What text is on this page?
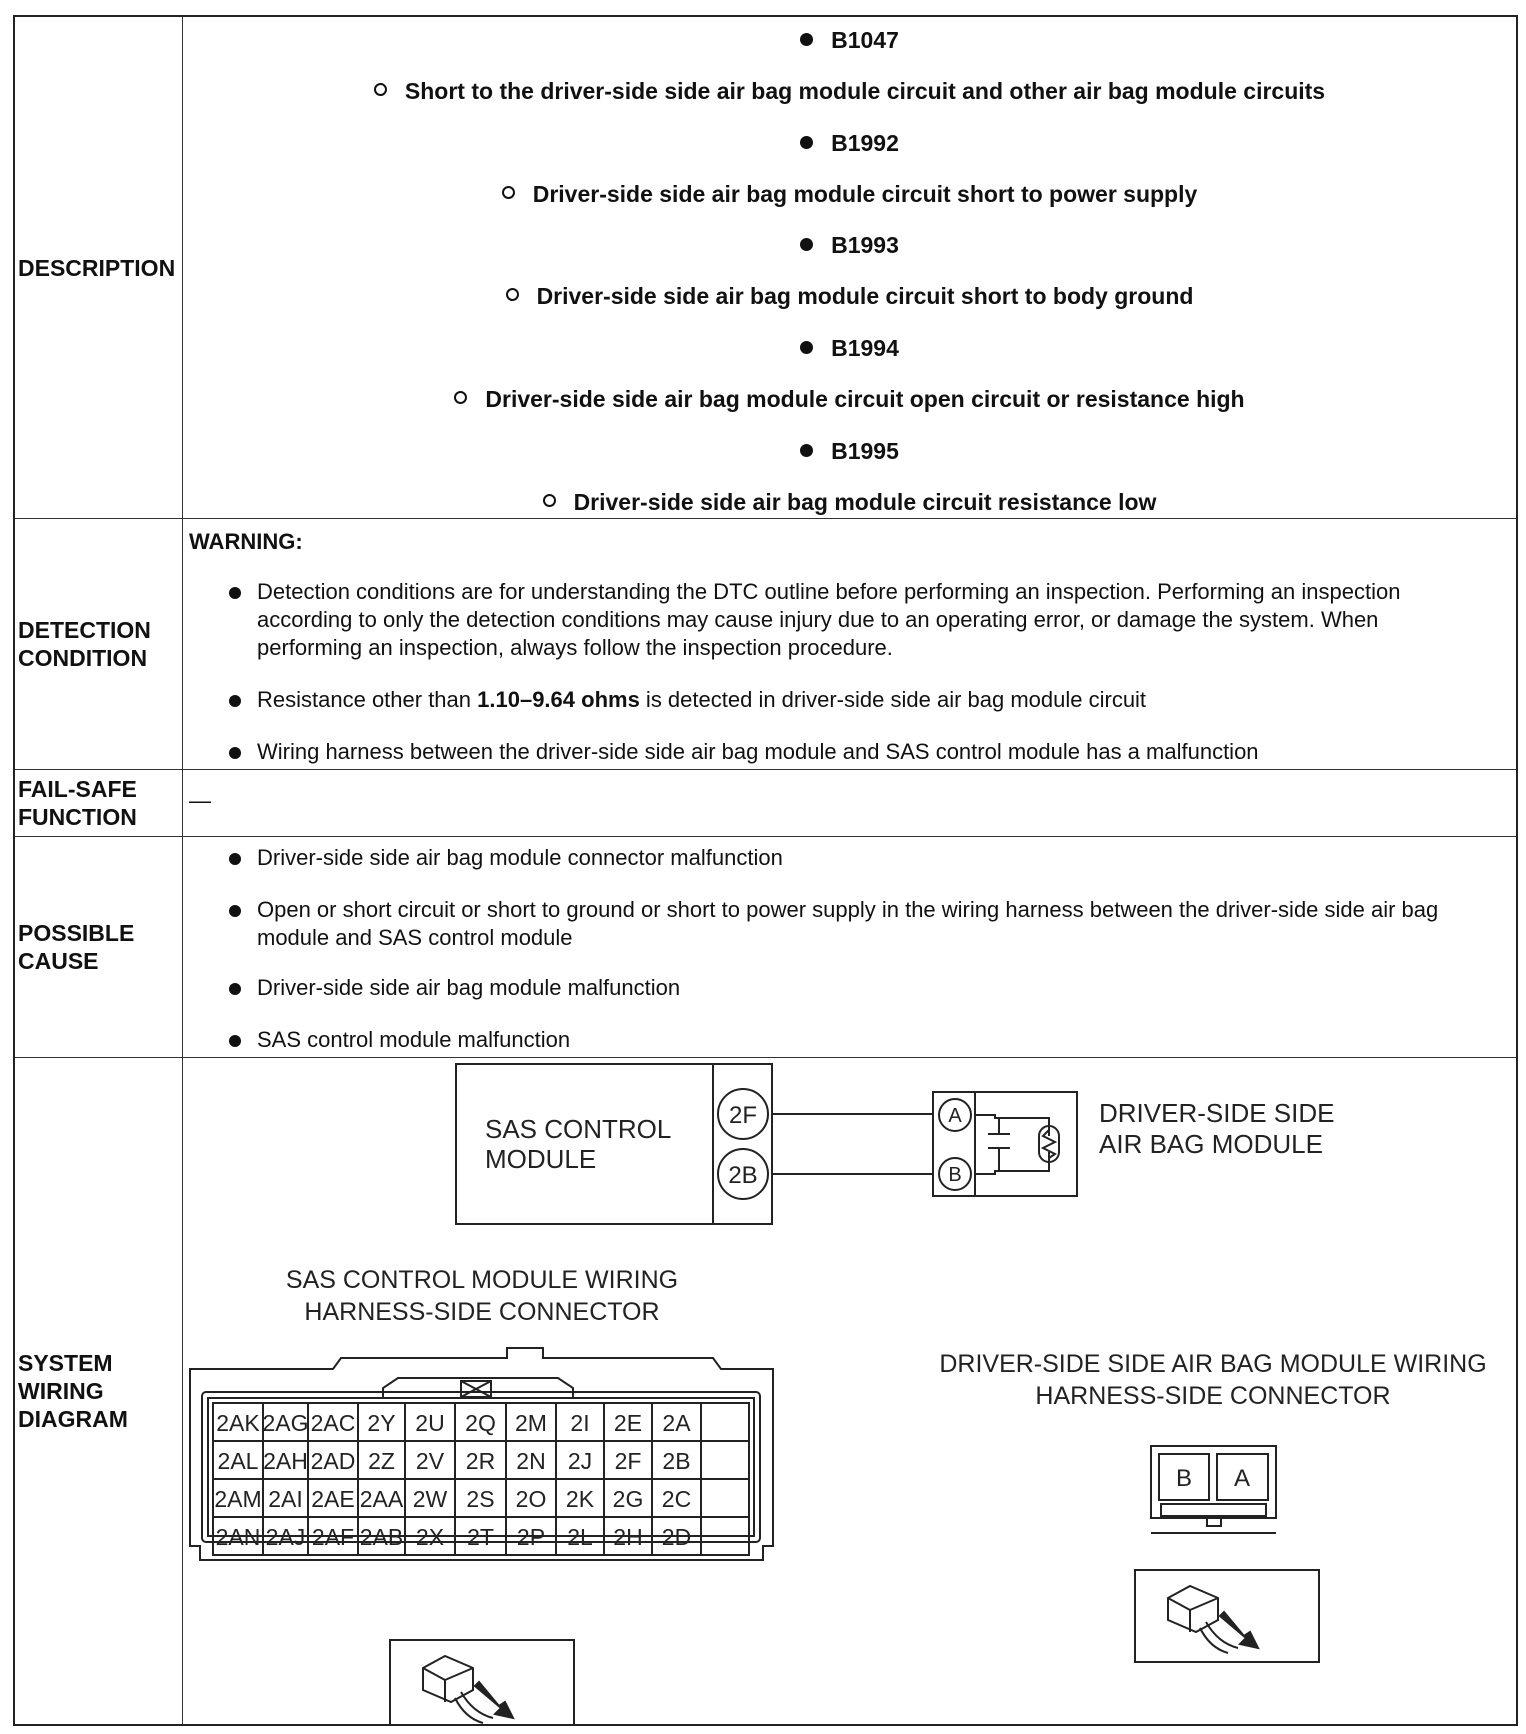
DESCRIPTION
B1047
Short to the driver-side side air bag module circuit and other air bag module circuits
B1992
Driver-side side air bag module circuit short to power supply
B1993
Driver-side side air bag module circuit short to body ground
B1994
Driver-side side air bag module circuit open circuit or resistance high
B1995
Driver-side side air bag module circuit resistance low
DETECTION
CONDITION
WARNING:
Detection conditions are for understanding the DTC outline before performing an inspection. Performing an inspection according to only the detection conditions may cause injury due to an operating error, or damage the system. When performing an inspection, always follow the inspection procedure.
Resistance other than 1.10–9.64 ohms is detected in driver-side side air bag module circuit
Wiring harness between the driver-side side air bag module and SAS control module has a malfunction
FAIL-SAFE
FUNCTION
—
POSSIBLE
CAUSE
Driver-side side air bag module connector malfunction
Open or short circuit or short to ground or short to power supply in the wiring harness between the driver-side side air bag module and SAS control module
Driver-side side air bag module malfunction
SAS control module malfunction
SYSTEM
WIRING
DIAGRAM
SAS CONTROL
MODULE
2F
2B
A
B
DRIVER-SIDE SIDE
AIR BAG MODULE
SAS CONTROL MODULE WIRING
HARNESS-SIDE CONNECTOR
DRIVER-SIDE SIDE AIR BAG MODULE WIRING
HARNESS-SIDE CONNECTOR
B A
2AK 2AG 2AC 2Y 2U 2Q 2M 2I 2E 2A
2AL 2AH 2AD 2Z 2V 2R 2N 2J 2F 2B
2AM 2AI 2AE 2AA 2W 2S 2O 2K 2G 2C
2AN 2AJ 2AF 2AB 2X 2T 2P 2L 2H 2D
